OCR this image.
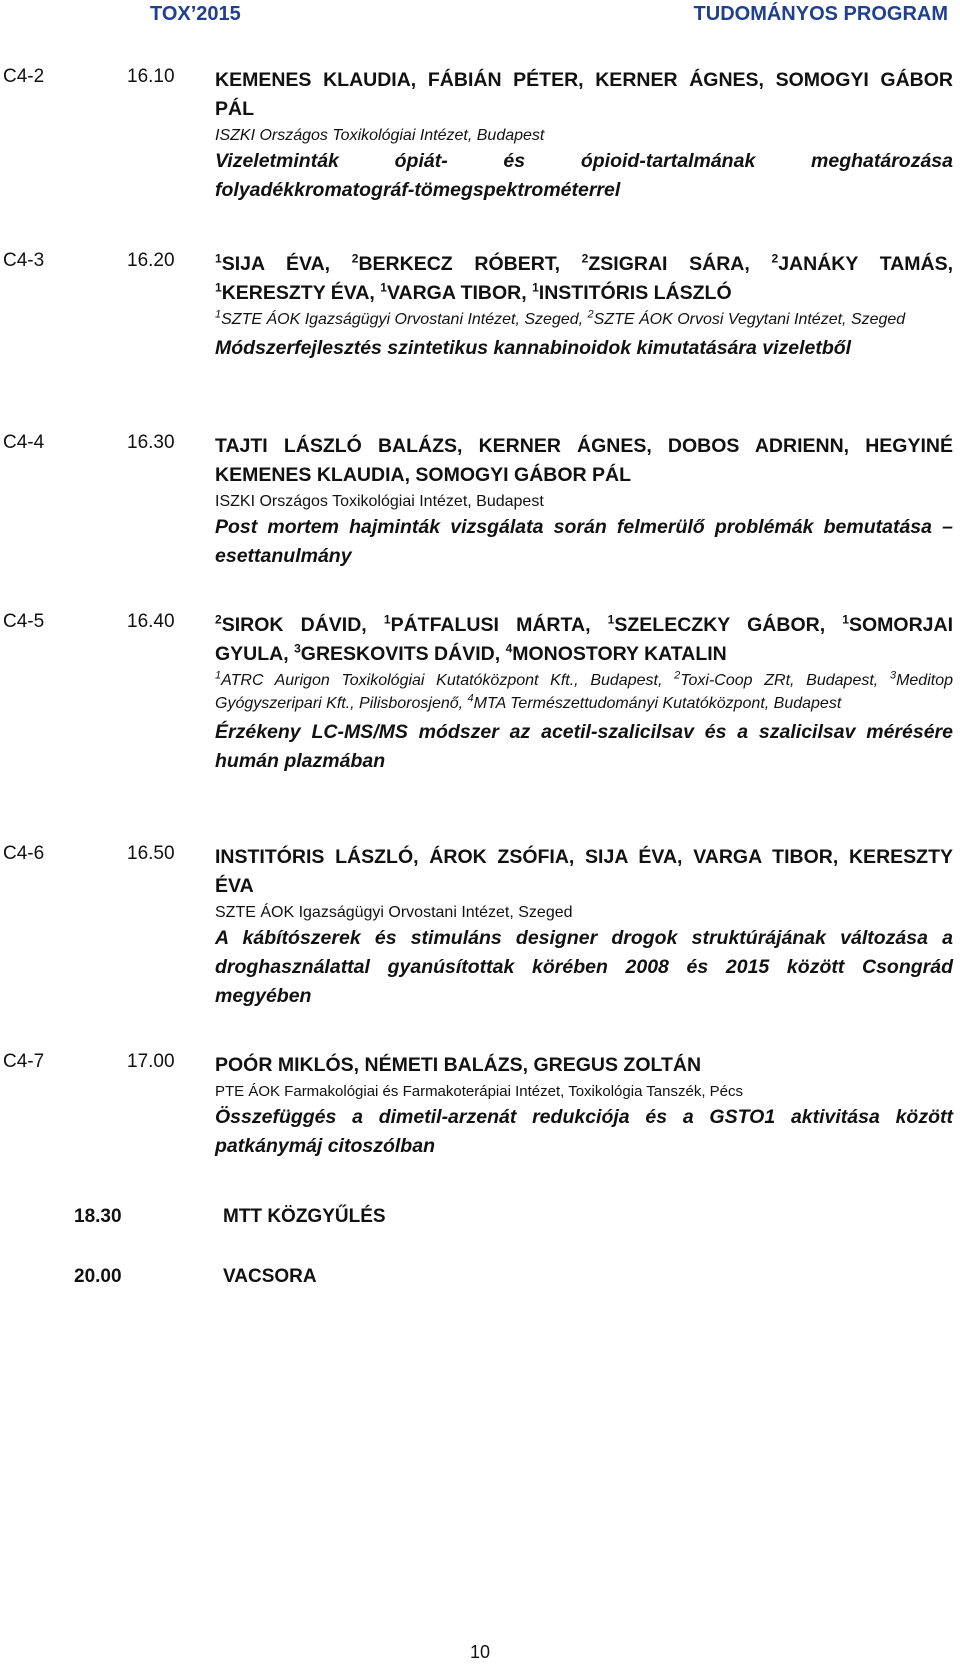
TOX’2015	TUDOMÁNYOS PROGRAM
C4-2	16.10 KEMENES KLAUDIA, FÁBIÁN PÉTER, KERNER ÁGNES, SOMOGYI GÁBOR PÁL
ISZKI Országos Toxikológiai Intézet, Budapest
Vizeletminták ópiát- és ópioid-tartalmának meghatározása folyadékkromatográf-tömegspektrométerrel
C4-3	16.20	$^1$SIJA ÉVA, $^2$BERKECZ RÓBERT, $^2$ZSIGRAI SÁRA, $^2$JANÁKY TAMÁS, $^1$KERESZTY ÉVA, $^1$VARGA TIBOR, $^1$INSTITÓRIS LÁSZLÓ
$^1$SZTE ÁOK Igazságügyi Orvostani Intézet, Szeged, $^2$SZTE ÁOK Orvosi Vegytani Intézet, Szeged
Módszerfejlesztés szintetikus kannabinoidok kimutatására vizeletből
C4-4	16.30 TAJTI LÁSZLÓ BALÁZS, KERNER ÁGNES, DOBOS ADRIENN, HEGYINÉ KEMENES KLAUDIA, SOMOGYI GÁBOR PÁL
ISZKI Országos Toxikológiai Intézet, Budapest
Post mortem hajminták vizsgálata során felmerülő problémák bemutatása – esettanulmány
C4-5	16.40	$^2$SIROK DÁVID, $^1$PÁTFALUSI MÁRTA, $^1$SZELECZKY GÁBOR, $^1$SOMORJAI GYULA, $^3$GRESKOVITS DÁVID, $^4$MONOSTORY KATALIN
$^1$ATRC Aurigon Toxikológiai Kutatóközpont Kft., Budapest, $^2$Toxi-Coop ZRt, Budapest, $^3$Meditop Gyógyszeripari Kft., Pilisborosjenő, $^4$MTA Természettudományi Kutatóközpont, Budapest
Érzékeny LC-MS/MS módszer az acetil-szalicilsav és a szalicilsav mérésére humán plazmában
C4-6	16.50 INSTITÓRIS LÁSZLÓ, ÁROK ZSÓFIA, SIJA ÉVA, VARGA TIBOR, KERESZTY ÉVA
SZTE ÁOK Igazságügyi Orvostani Intézet, Szeged
A kábítószerek és stimuláns designer drogok struktúrájának változása a droghasználattal gyanúsítottak körében 2008 és 2015 között Csongrád megyében
C4-7	17.00 POÓR MIKLÓS, NÉMETI BALÁZS, GREGUS ZOLTÁN
PTE ÁOK Farmakológiai és Farmakoterápiai Intézet, Toxikológia Tanszék, Pécs
Összefüggés a dimetil-arzenát redukciója és a GSTO1 aktivitása között patkánymáj citoszólban
18.30	MTT KÖZGYŰLÉS
20.00	VACSORA
10
